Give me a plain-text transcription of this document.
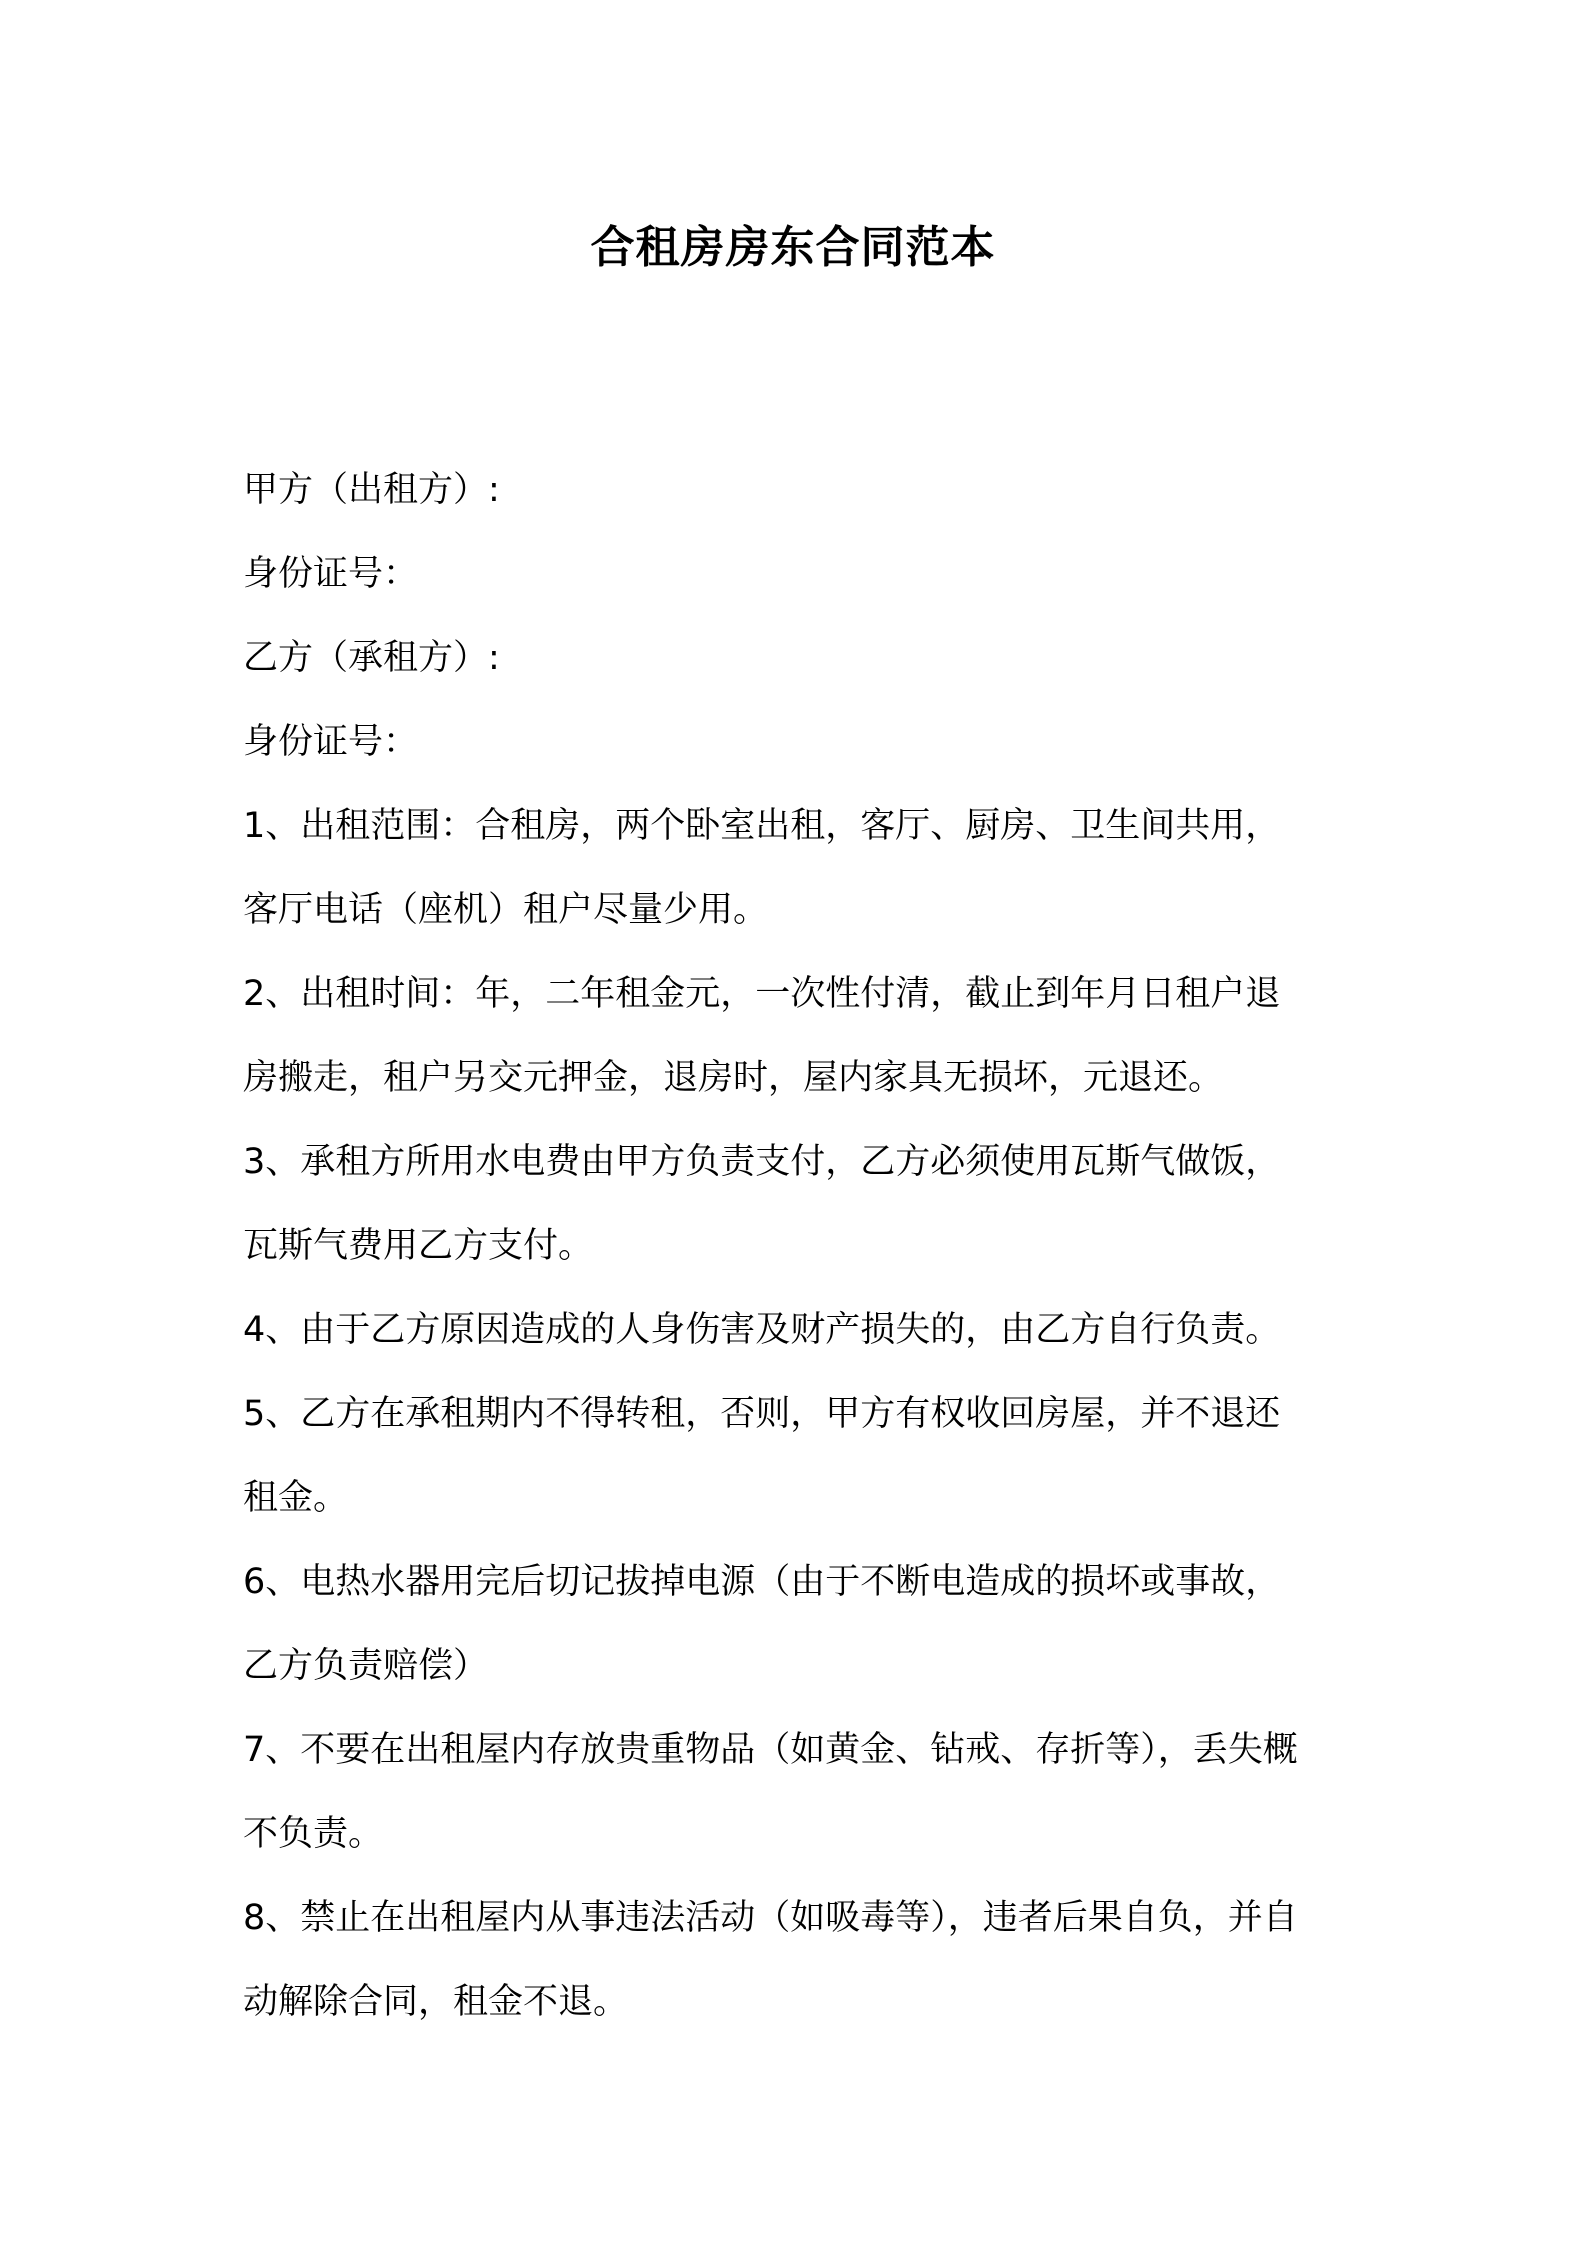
合租房房东合同范本
甲方（出租方）:
身份证号：
乙方（承租方）:
身份证号：
1、出租范围：合租房，两个卧室出租，客厅、厨房、卫生间共用，
客厅电话（座机）租户尽量少用。
2、出租时间：年，二年租金元，一次性付清，截止到年月日租户退
房搬走，租户另交元押金，退房时，屋内家具无损坏，元退还。
3、承租方所用水电费由甲方负责支付，乙方必须使用瓦斯气做饭，
瓦斯气费用乙方支付。
4、由于乙方原因造成的人身伤害及财产损失的，由乙方自行负责。
5、乙方在承租期内不得转租，否则，甲方有权收回房屋，并不退还
租金。
6、电热水器用完后切记拔掉电源（由于不断电造成的损坏或事故，
乙方负责赔偿）
7、不要在出租屋内存放贵重物品（如黄金、钻戒、存折等），丢失概
不负责。
8、禁止在出租屋内从事违法活动（如吸毒等），违者后果自负，并自
动解除合同，租金不退。
